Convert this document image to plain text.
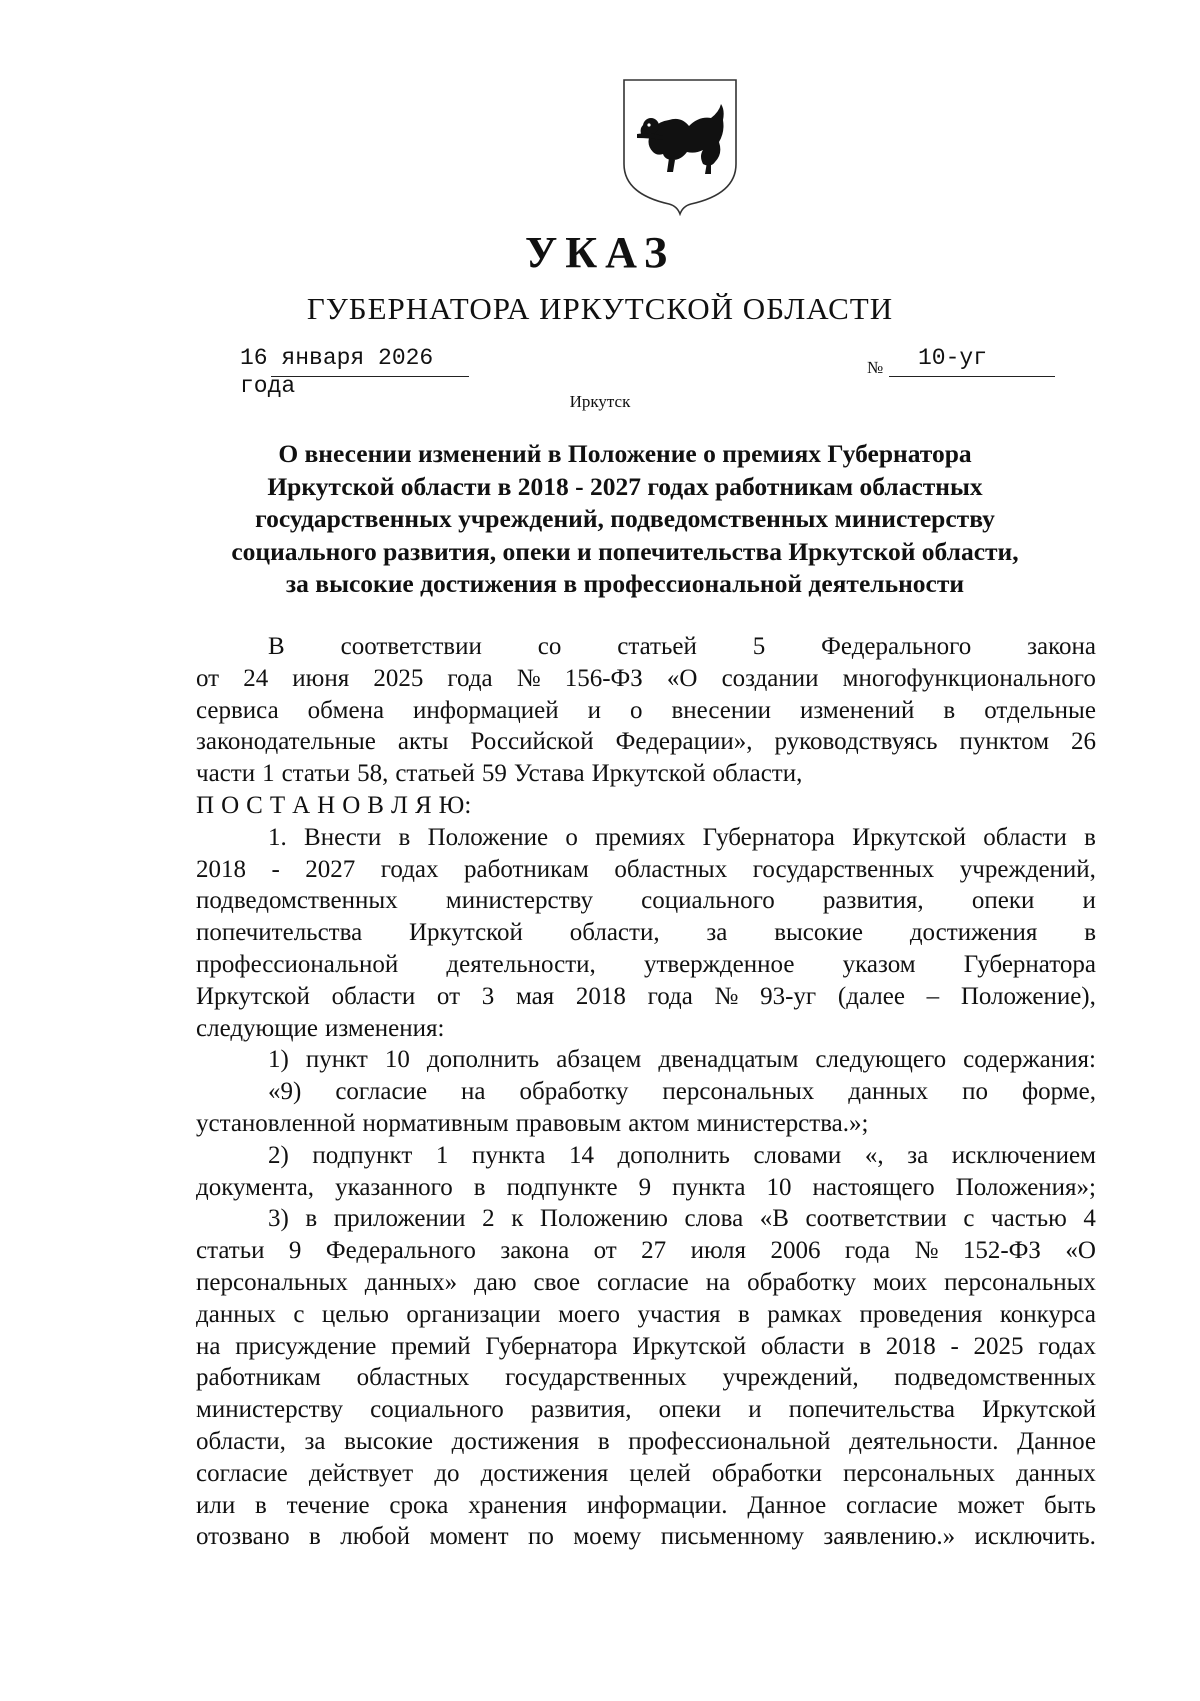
УКАЗ
ГУБЕРНАТОРА ИРКУТСКОЙ ОБЛАСТИ
16 января 2026 года
№ 10-уг
Иркутск
О внесении изменений в Положение о премиях Губернатора
Иркутской области в 2018 - 2027 годах работникам областных
государственных учреждений, подведомственных министерству
социального развития, опеки и попечительства Иркутской области,
за высокие достижения в профессиональной деятельности
В соответствии со статьей 5 Федерального закона
от 24 июня 2025 года № 156-ФЗ «О создании многофункционального
сервиса обмена информацией и о внесении изменений в отдельные
законодательные акты Российской Федерации», руководствуясь пунктом 26
части 1 статьи 58, статьей 59 Устава Иркутской области,
П О С Т А Н О В Л Я Ю:
1. Внести в Положение о премиях Губернатора Иркутской области в
2018 - 2027 годах работникам областных государственных учреждений,
подведомственных министерству социального развития, опеки и
попечительства Иркутской области, за высокие достижения в
профессиональной деятельности, утвержденное указом Губернатора
Иркутской области от 3 мая 2018 года № 93-уг (далее – Положение),
следующие изменения:
1) пункт 10 дополнить абзацем двенадцатым следующего содержания:
«9) согласие на обработку персональных данных по форме,
установленной нормативным правовым актом министерства.»;
2) подпункт 1 пункта 14 дополнить словами «, за исключением
документа, указанного в подпункте 9 пункта 10 настоящего Положения»;
3) в приложении 2 к Положению слова «В соответствии с частью 4
статьи 9 Федерального закона от 27 июля 2006 года № 152-ФЗ «О
персональных данных» даю свое согласие на обработку моих персональных
данных с целью организации моего участия в рамках проведения конкурса
на присуждение премий Губернатора Иркутской области в 2018 - 2025 годах
работникам областных государственных учреждений, подведомственных
министерству социального развития, опеки и попечительства Иркутской
области, за высокие достижения в профессиональной деятельности. Данное
согласие действует до достижения целей обработки персональных данных
или в течение срока хранения информации. Данное согласие может быть
отозвано в любой момент по моему письменному заявлению.» исключить.
